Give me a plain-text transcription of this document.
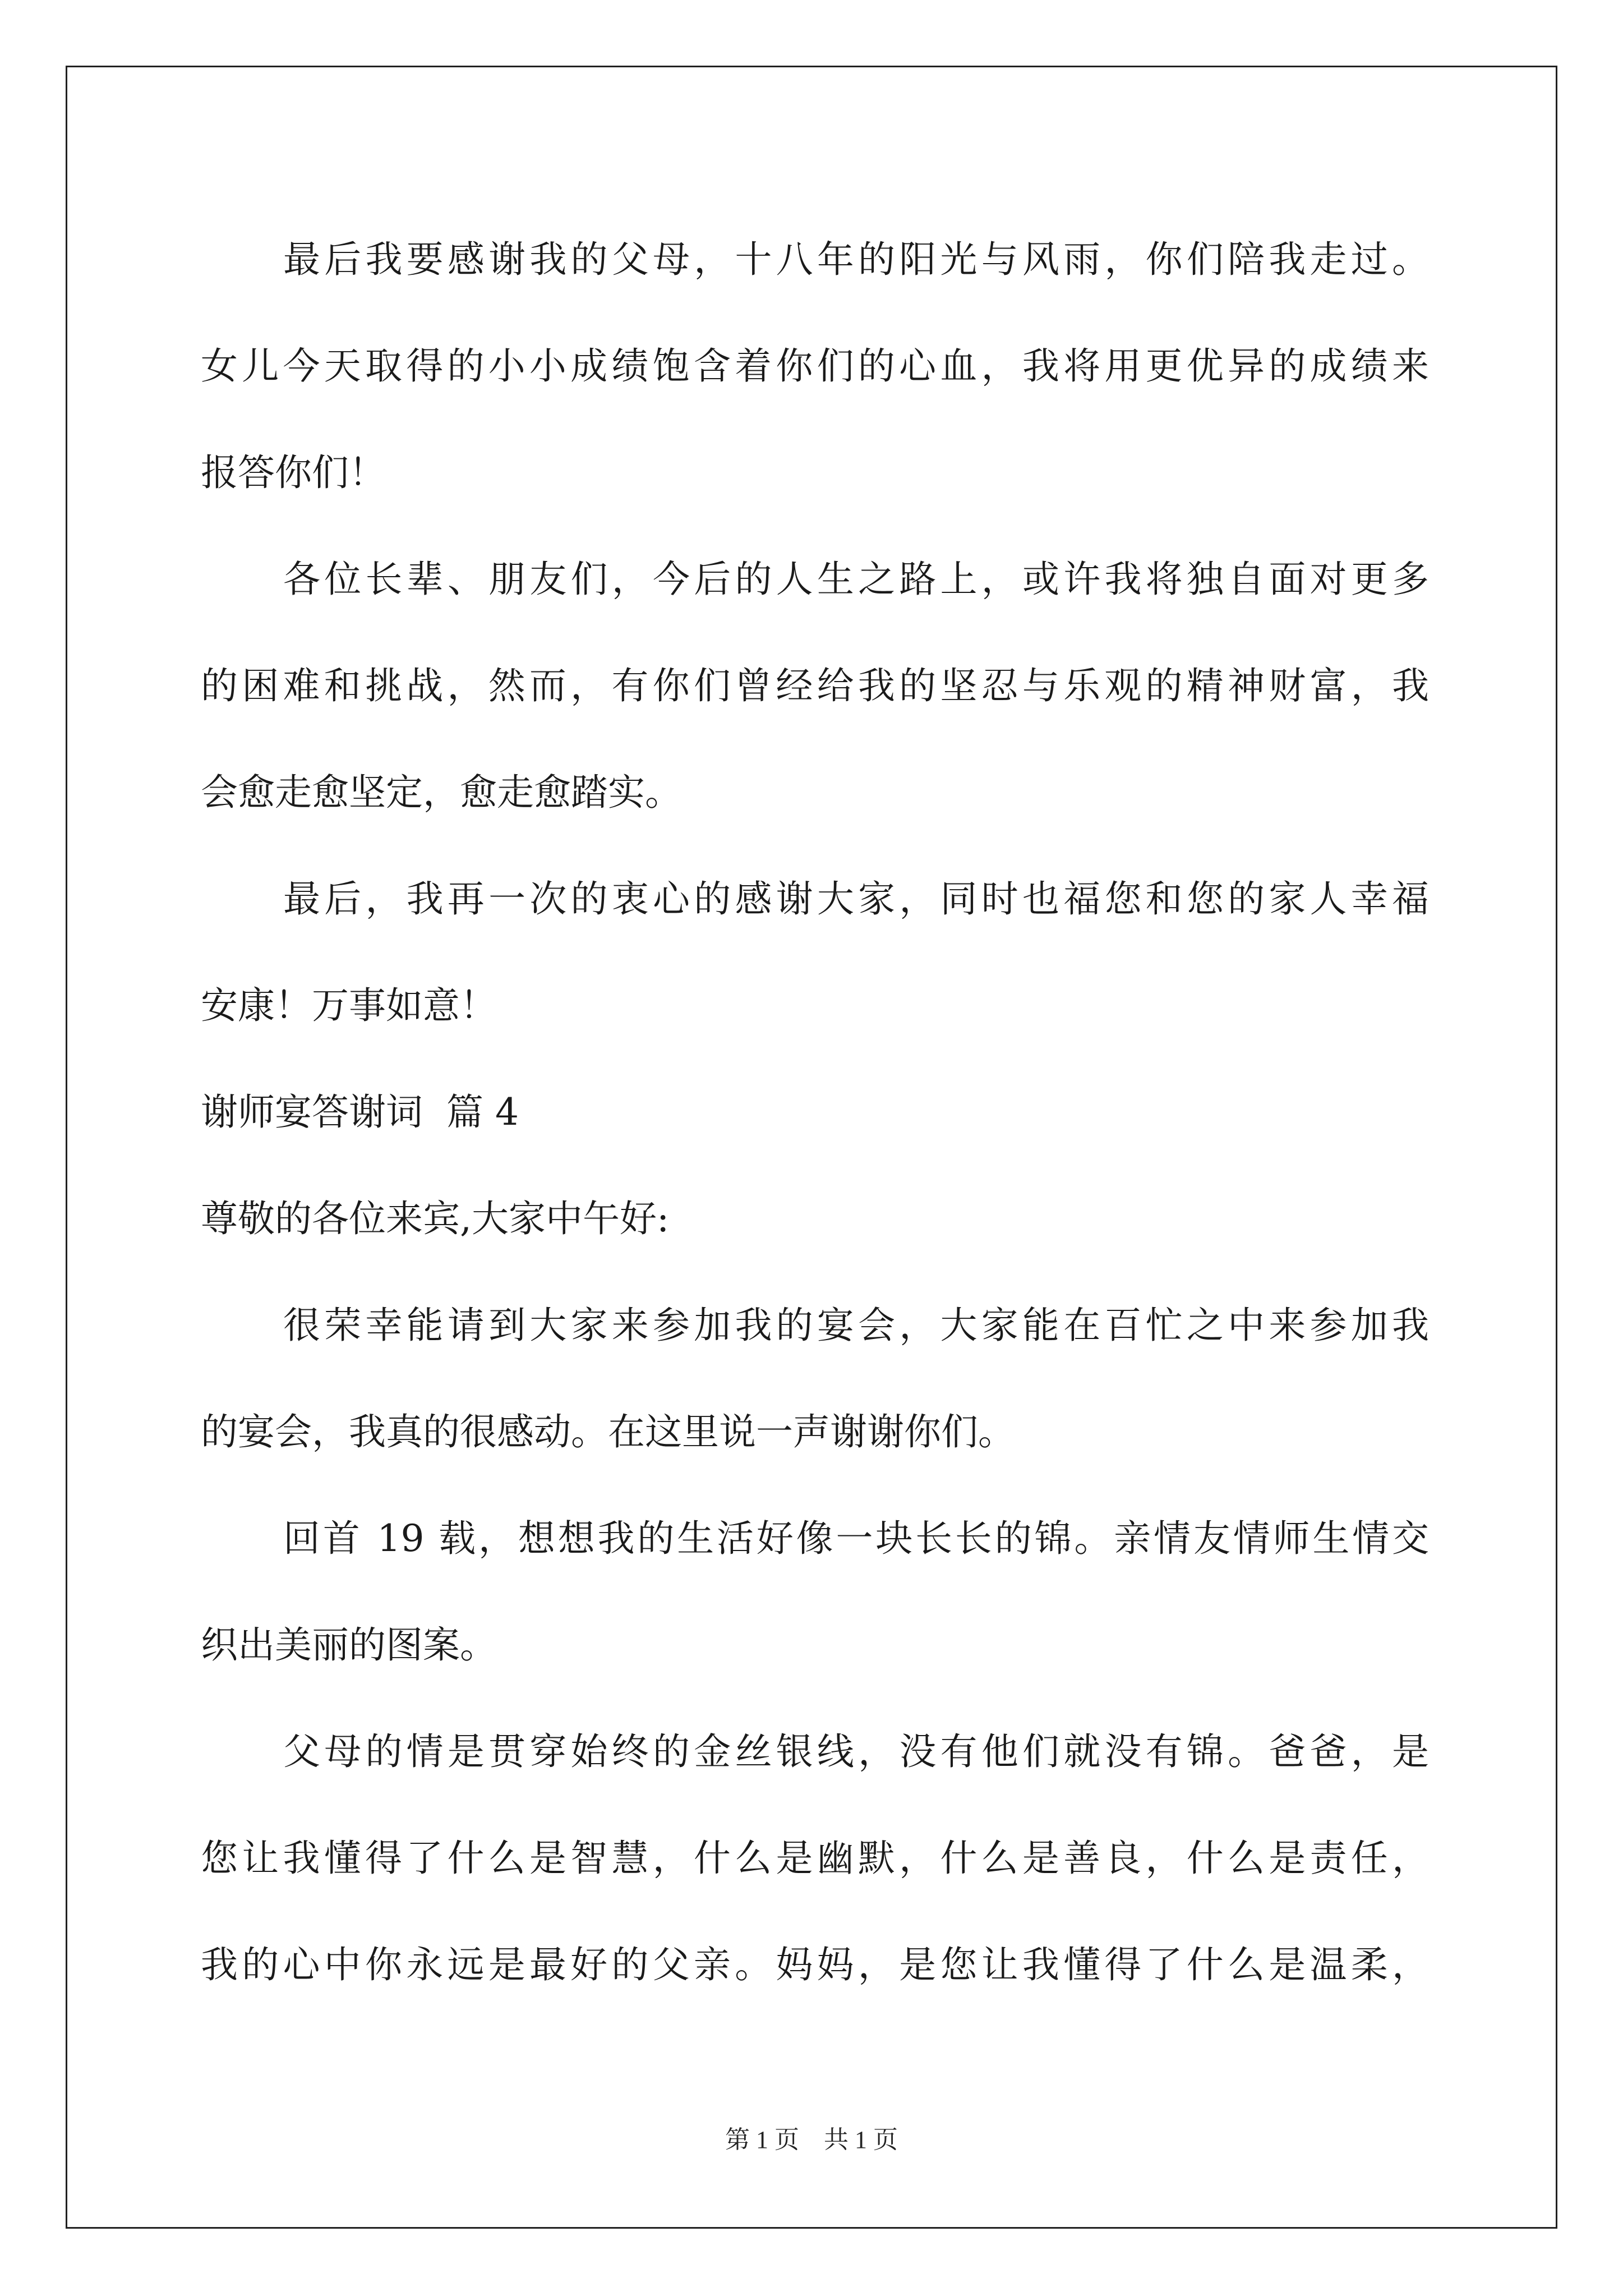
最后我要感谢我的父母，十八年的阳光与风雨，你们陪我走过。
女儿今天取得的小小成绩饱含着你们的心血，我将用更优异的成绩来
报答你们！
各位长辈、朋友们，今后的人生之路上，或许我将独自面对更多
的困难和挑战，然而，有你们曾经给我的坚忍与乐观的精神财富，我
会愈走愈坚定，愈走愈踏实。
最后，我再一次的衷心的感谢大家，同时也福您和您的家人幸福
安康！万事如意！
谢师宴答谢词  篇 4
尊敬的各位来宾,大家中午好:
很荣幸能请到大家来参加我的宴会，大家能在百忙之中来参加我
的宴会，我真的很感动。在这里说一声谢谢你们。
回首 19 载，想想我的生活好像一块长长的锦。亲情友情师生情交
织出美丽的图案。
父母的情是贯穿始终的金丝银线，没有他们就没有锦。爸爸，是
您让我懂得了什么是智慧，什么是幽默，什么是善良，什么是责任，
我的心中你永远是最好的父亲。妈妈，是您让我懂得了什么是温柔，
第 1 页    共 1 页
